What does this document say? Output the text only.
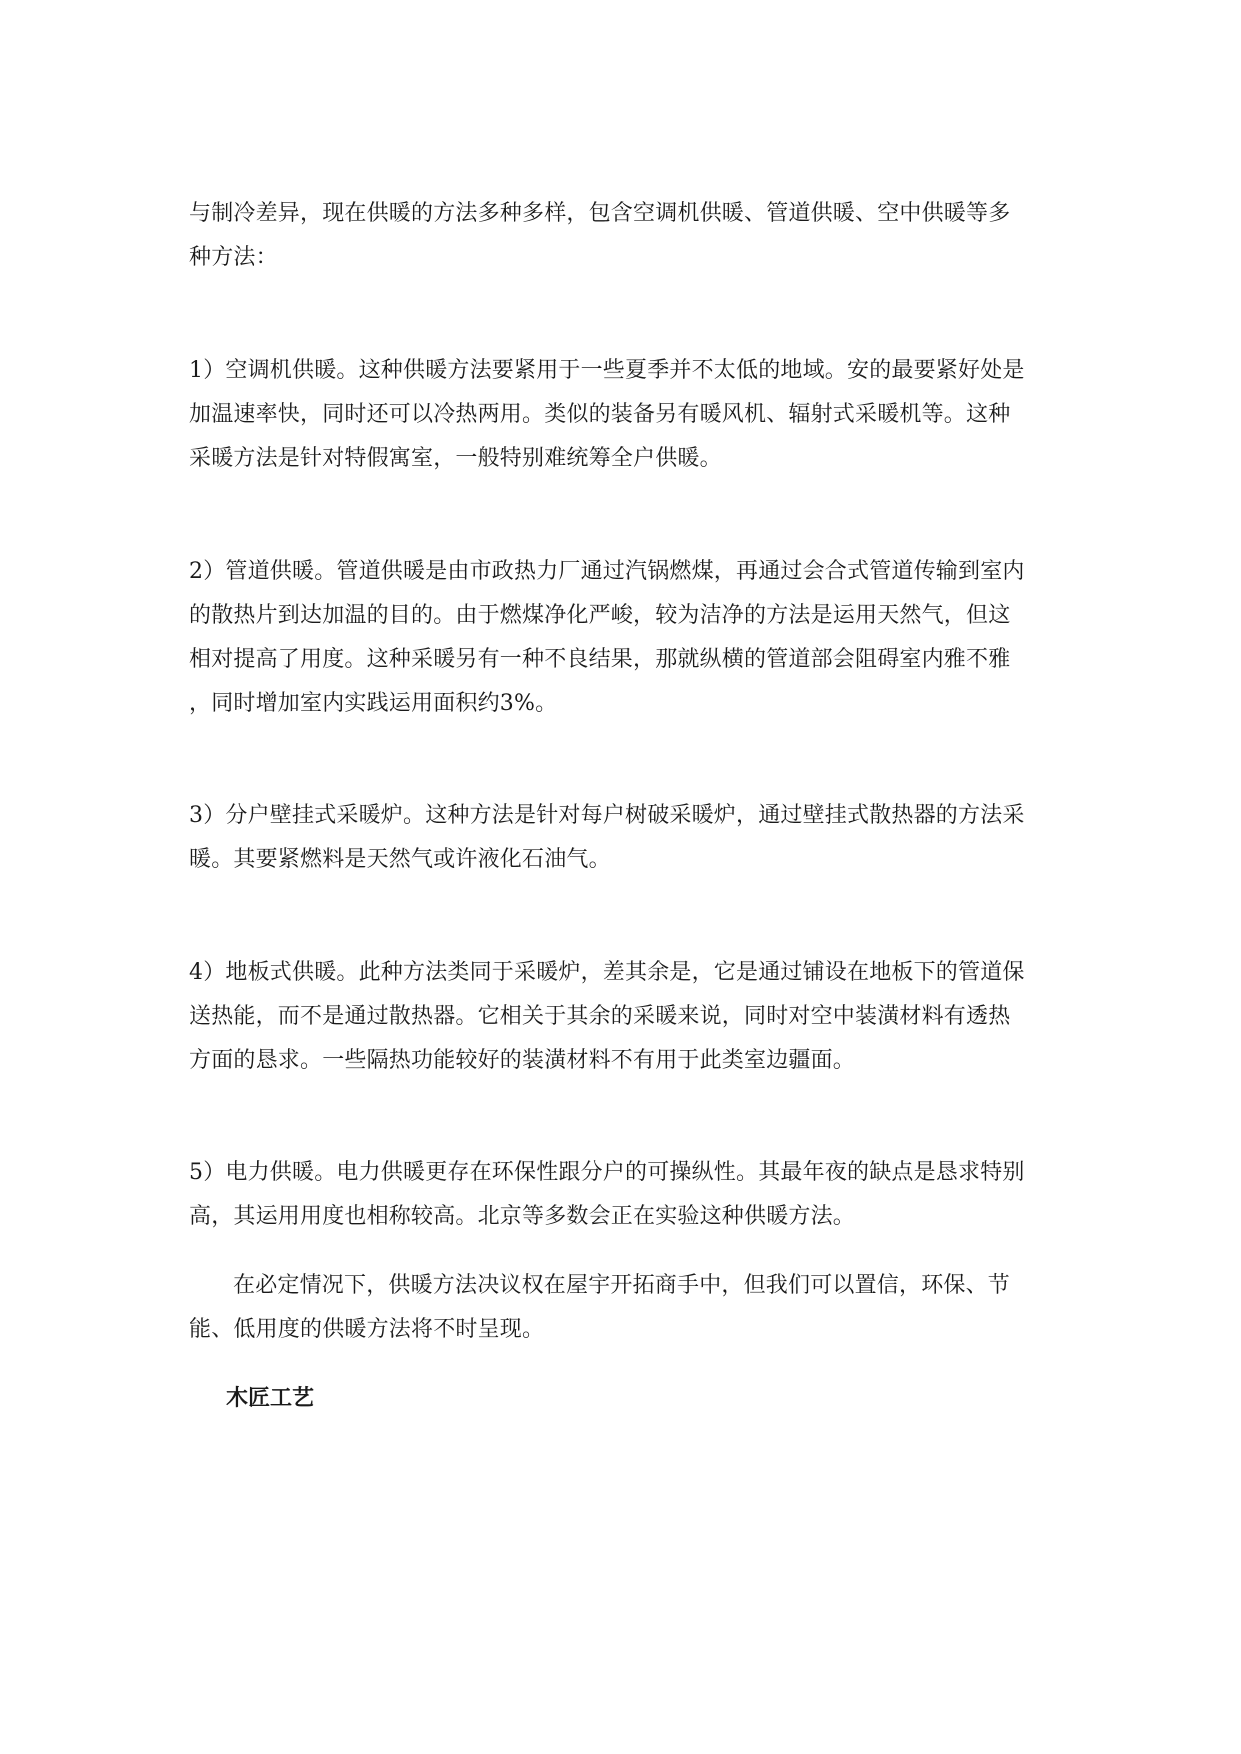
与制冷差异，现在供暖的方法多种多样，包含空调机供暖、管道供暖、空中供暖等多
种方法：
1）空调机供暖。这种供暖方法要紧用于一些夏季并不太低的地域。安的最要紧好处是
加温速率快，同时还可以冷热两用。类似的装备另有暖风机、辐射式采暖机等。这种
采暖方法是针对特假寓室，一般特别难统筹全户供暖。
2）管道供暖。管道供暖是由市政热力厂通过汽锅燃煤，再通过会合式管道传输到室内
的散热片到达加温的目的。由于燃煤净化严峻，较为洁净的方法是运用天然气，但这
相对提高了用度。这种采暖另有一种不良结果，那就纵横的管道部会阻碍室内雅不雅
，同时增加室内实践运用面积约3%。
3）分户壁挂式采暖炉。这种方法是针对每户树破采暖炉，通过壁挂式散热器的方法采
暖。其要紧燃料是天然气或许液化石油气。
4）地板式供暖。此种方法类同于采暖炉，差其余是，它是通过铺设在地板下的管道保
送热能，而不是通过散热器。它相关于其余的采暖来说，同时对空中装潢材料有透热
方面的恳求。一些隔热功能较好的装潢材料不有用于此类室边疆面。
5）电力供暖。电力供暖更存在环保性跟分户的可操纵性。其最年夜的缺点是恳求特别
高，其运用用度也相称较高。北京等多数会正在实验这种供暖方法。
在必定情况下，供暖方法决议权在屋宇开拓商手中，但我们可以置信，环保、节
能、低用度的供暖方法将不时呈现。
木匠工艺
